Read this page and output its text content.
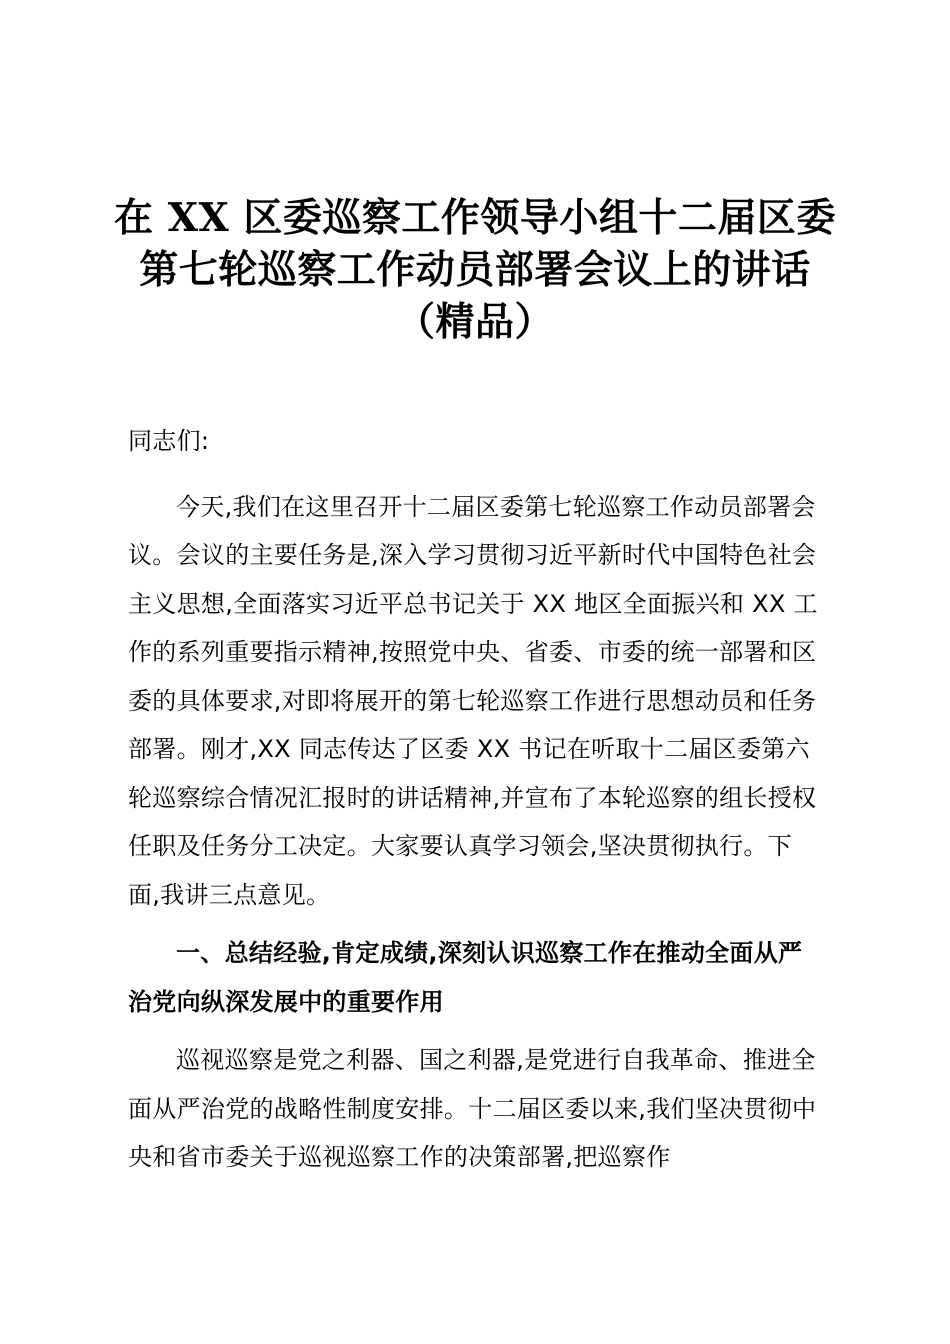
在 XX 区委巡察工作领导小组十二届区委
第七轮巡察工作动员部署会议上的讲话
（精品）

同志们:

今天,我们在这里召开十二届区委第七轮巡察工作动员部署会议。会议的主要任务是,深入学习贯彻习近平新时代中国特色社会主义思想,全面落实习近平总书记关于 XX 地区全面振兴和 XX 工作的系列重要指示精神,按照党中央、省委、市委的统一部署和区委的具体要求,对即将展开的第七轮巡察工作进行思想动员和任务部署。刚才,XX 同志传达了区委 XX 书记在听取十二届区委第六轮巡察综合情况汇报时的讲话精神,并宣布了本轮巡察的组长授权任职及任务分工决定。大家要认真学习领会,坚决贯彻执行。下面,我讲三点意见。

一、总结经验,肯定成绩,深刻认识巡察工作在推动全面从严治党向纵深发展中的重要作用

巡视巡察是党之利器、国之利器,是党进行自我革命、推进全面从严治党的战略性制度安排。十二届区委以来,我们坚决贯彻中央和省市委关于巡视巡察工作的决策部署,把巡察作
